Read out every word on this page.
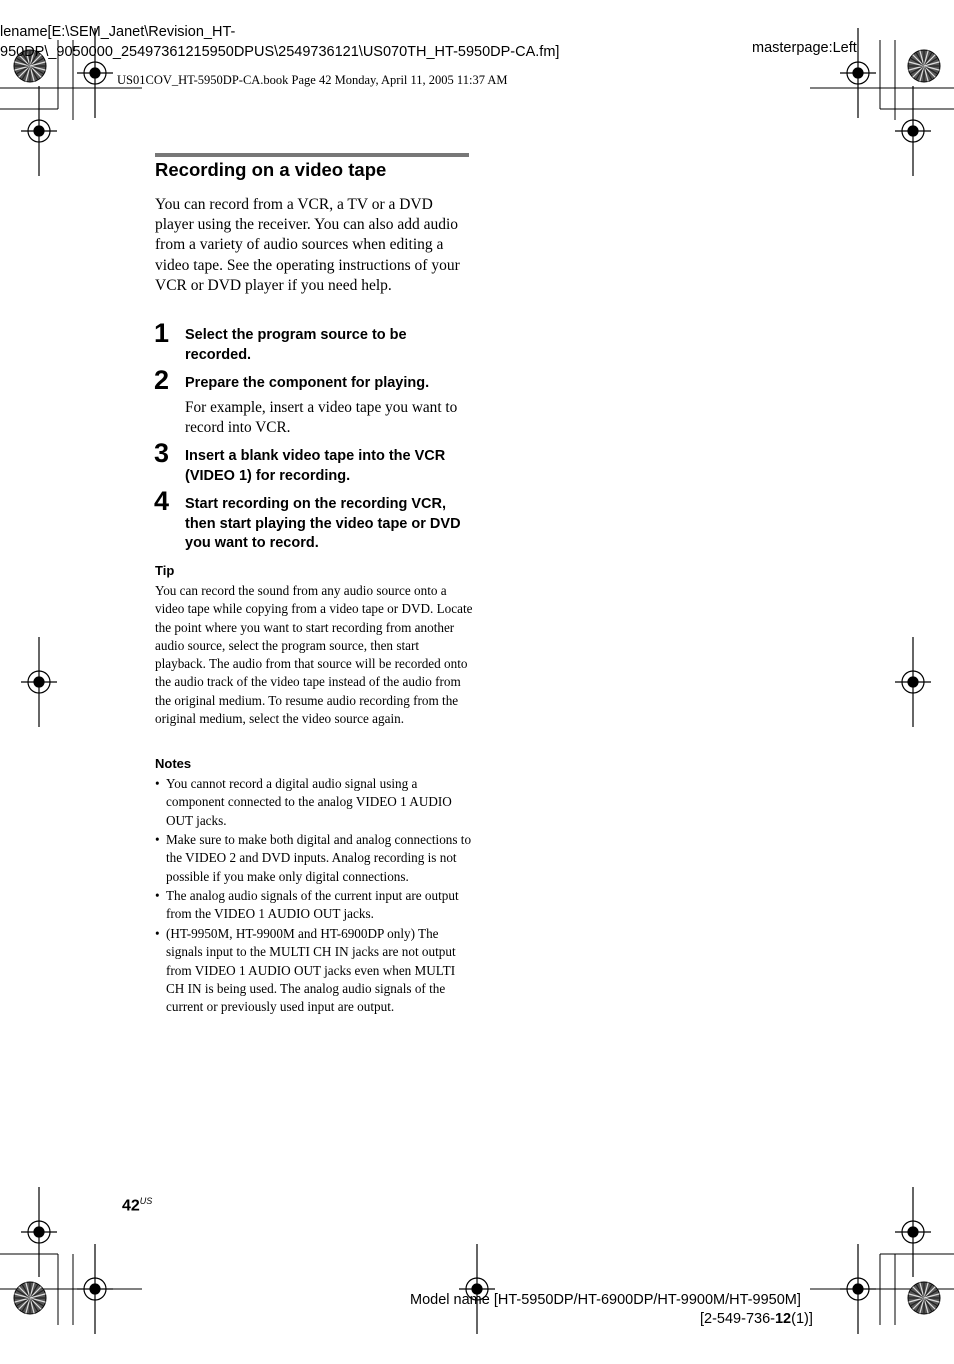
lename[E:\SEM_Janet\Revision_HT-
950DP\_9050000_25497361215950DPUS\2549736121\US070TH_HT-5950DP-CA.fm]	masterpage:Left
US01COV_HT-5950DP-CA.book Page 42 Monday, April 11, 2005 11:37 AM
Recording on a video tape
You can record from a VCR, a TV or a DVD player using the receiver. You can also add audio from a variety of audio sources when editing a video tape. See the operating instructions of your VCR or DVD player if you need help.
1 Select the program source to be recorded.
2 Prepare the component for playing.
For example, insert a video tape you want to record into VCR.
3 Insert a blank video tape into the VCR (VIDEO 1) for recording.
4 Start recording on the recording VCR, then start playing the video tape or DVD you want to record.
Tip
You can record the sound from any audio source onto a video tape while copying from a video tape or DVD. Locate the point where you want to start recording from another audio source, select the program source, then start playback. The audio from that source will be recorded onto the audio track of the video tape instead of the audio from the original medium. To resume audio recording from the original medium, select the video source again.
Notes
• You cannot record a digital audio signal using a component connected to the analog VIDEO 1 AUDIO OUT jacks.
• Make sure to make both digital and analog connections to the VIDEO 2 and DVD inputs. Analog recording is not possible if you make only digital connections.
• The analog audio signals of the current input are output from the VIDEO 1 AUDIO OUT jacks.
• (HT-9950M, HT-9900M and HT-6900DP only) The signals input to the MULTI CH IN jacks are not output from VIDEO 1 AUDIO OUT jacks even when MULTI CH IN is being used. The analog audio signals of the current or previously used input are output.
$42^{US}$
Model name [HT-5950DP/HT-6900DP/HT-9900M/HT-9950M]
[2-549-736-12(1)]
